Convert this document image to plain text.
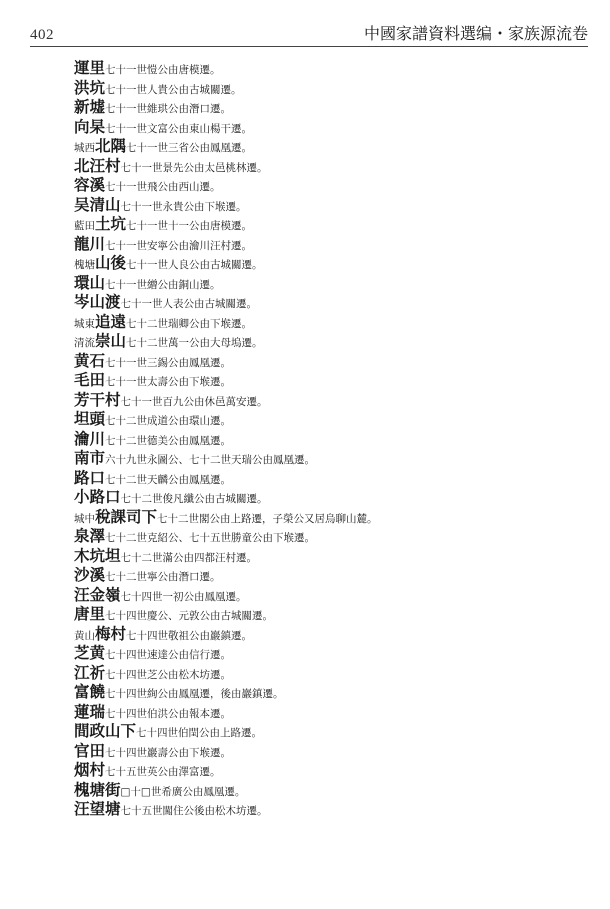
402	中國家譜資料選编・家族源流卷
運里七十一世愷公由唐模遷。
洪坑七十一世人貴公由古城關遷。
新墟七十一世維珙公由潛口遷。
向杲七十一世文富公由東山楊干遷。
城西北隅七十一世三省公由鳳凰遷。
北汪村七十一世景先公由太邑桃林遷。
容溪七十一世飛公由西山遷。
吴清山七十一世永貴公由下堠遷。
藍田土坑七十一世十一公由唐模遷。
龍川七十一世安寧公由瀹川汪村遷。
槐塘山後七十一世人良公由古城關遷。
環山七十一世繒公由銅山遷。
岑山渡七十一世人表公由古城關遷。
城東追遠七十二世瑞卿公由下堠遷。
清流崇山七十二世萬一公由大母塢遷。
黄石七十一世三錫公由鳳凰遷。
毛田七十一世太壽公由下堠遷。
芳干村七十一世百九公由休邑萬安遷。
坦頭七十二世成道公由環山遷。
瀹川七十二世德美公由鳳凰遷。
南市六十九世永圖公、七十二世天瑞公由鳳凰遷。
路口七十二世天麟公由鳳凰遷。
小路口七十二世俊凡纖公由古城關遷。
城中稅課司下七十二世閣公由上路遷，子榮公又居烏聊山麓。
泉澤七十二世克紹公、七十五世勝童公由下堠遷。
木坑坦七十二世滿公由四都汪村遷。
沙溪七十二世寧公由潛口遷。
汪金嶺七十四世一初公由鳳凰遷。
唐里七十四世慶公、元敦公由古城關遷。
黄山梅村七十四世敬祖公由巖鎮遷。
芝黄七十四世速達公由信行遷。
江祈七十四世芝公由松木坊遷。
富饒七十四世絢公由鳳凰遷，後由巖鎮遷。
蓮瑞七十四世伯洪公由報本遷。
間政山下七十四世伯閏公由上路遷。
官田七十四世巖壽公由下堠遷。
烟村七十五世英公由澤富遷。
槐塘街□十□世希廣公由鳳凰遷。
汪望塘七十五世闖住公後由松木坊遷。
